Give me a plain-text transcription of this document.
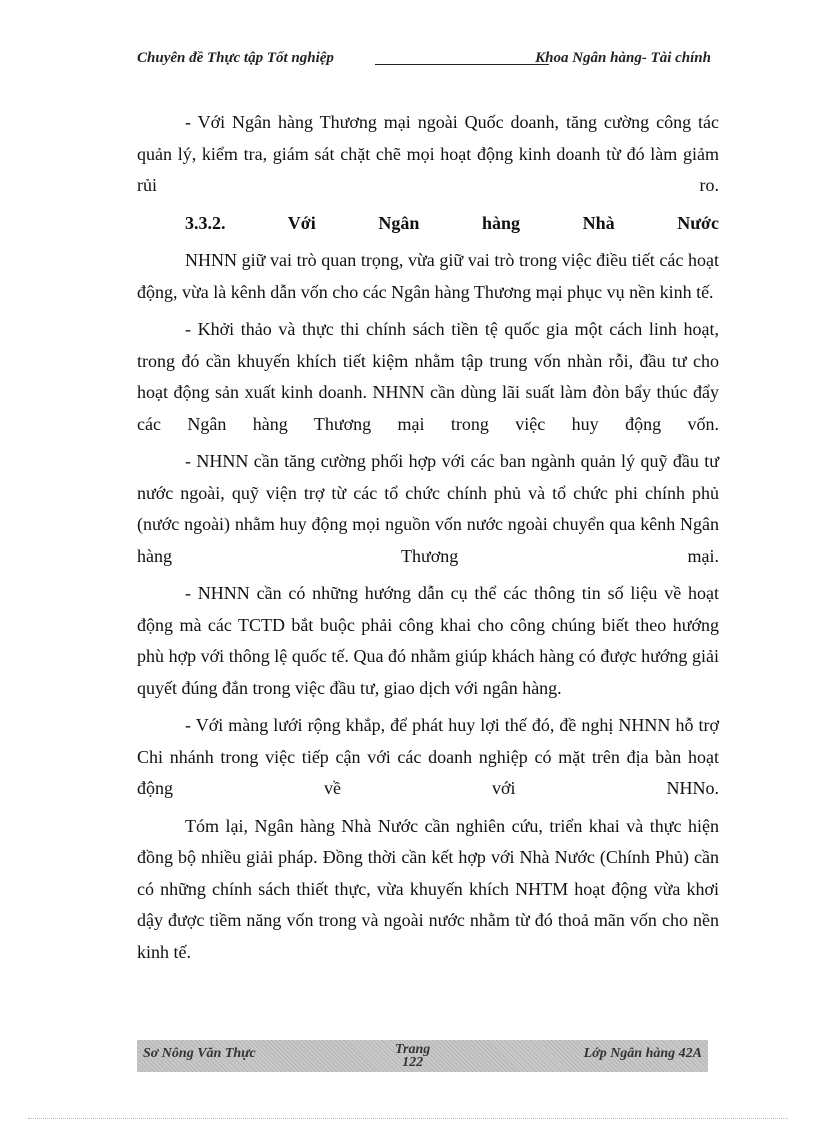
Chuyên đề Thực tập Tốt nghiệp	Khoa Ngân hàng- Tài chính

- Với Ngân hàng Thương mại ngoài Quốc doanh, tăng cường công tác quản lý, kiểm tra, giám sát chặt chẽ mọi hoạt động kinh doanh từ đó làm giảm rủi ro.

3.3.2. Với Ngân hàng Nhà Nước

NHNN giữ vai trò quan trọng, vừa giữ vai trò trong việc điều tiết các hoạt động, vừa là kênh dẫn vốn cho các Ngân hàng Thương mại phục vụ nền kinh tế.

- Khởi thảo và thực thi chính sách tiền tệ quốc gia một cách linh hoạt, trong đó cần khuyến khích tiết kiệm nhằm tập trung vốn nhàn rỗi, đầu tư cho hoạt động sản xuất kinh doanh. NHNN cần dùng lãi suất làm đòn bẩy thúc đẩy các Ngân hàng Thương mại trong việc huy động vốn.

- NHNN cần tăng cường phối hợp với các ban ngành quản lý quỹ đầu tư nước ngoài, quỹ viện trợ từ các tổ chức chính phủ và tổ chức phi chính phủ (nước ngoài) nhằm huy động mọi nguồn vốn nước ngoài chuyển qua kênh Ngân hàng Thương mại.

- NHNN cần có những hướng dẫn cụ thể các thông tin số liệu về hoạt động mà các TCTD bắt buộc phải công khai cho công chúng biết theo hướng phù hợp với thông lệ quốc tế. Qua đó nhằm giúp khách hàng có được hướng giải quyết đúng đắn trong việc đầu tư, giao dịch với ngân hàng.

- Với màng lưới rộng khắp, để phát huy lợi thế đó, đề nghị NHNN hỗ trợ Chi nhánh trong việc tiếp cận với các doanh nghiệp có mặt trên địa bàn hoạt động về với NHNo.

Tóm lại, Ngân hàng Nhà Nước cần nghiên cứu, triển khai và thực hiện đồng bộ nhiều giải pháp. Đồng thời cần kết hợp với Nhà Nước (Chính Phủ) cần có những chính sách thiết thực, vừa khuyến khích NHTM hoạt động vừa khơi dậy được tiềm năng vốn trong và ngoài nước nhằm từ đó thoả mãn vốn cho nền kinh tế.

Sơ Nông Văn Thực	Trang
122
Lớp Ngân hàng 42A
